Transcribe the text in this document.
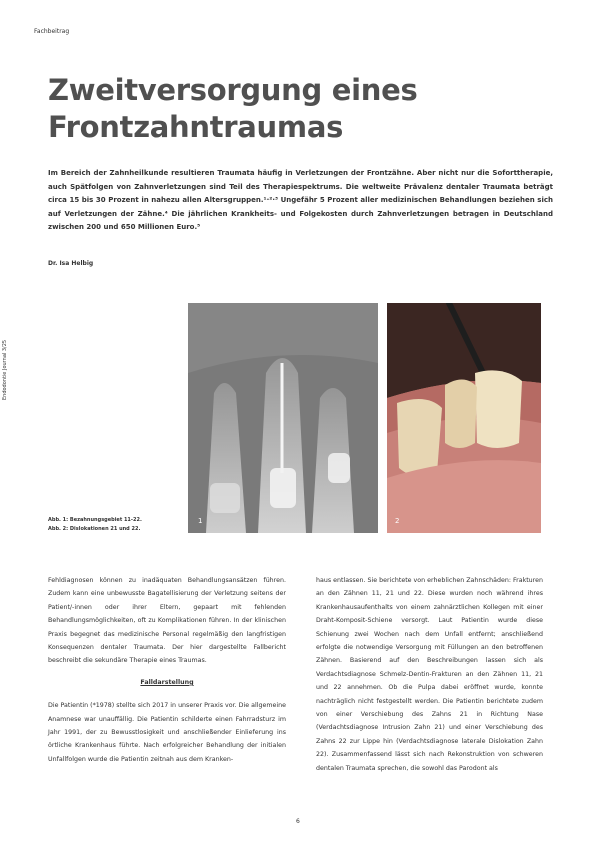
Fachbeitrag
Endodontie Journal 3/25
Zweitversorgung eines
Frontzahntraumas

Im Bereich der Zahnheilkunde resultieren Traumata häufig in Verletzungen der Frontzähne. Aber nicht nur die Soforttherapie, auch Spätfolgen von Zahnverletzungen sind Teil des Therapiespektrums. Die weltweite Prävalenz dentaler Traumata beträgt circa 15 bis 30 Prozent in nahezu allen Altersgruppen.¹·²·³ Ungefähr 5 Prozent aller medizinischen Behandlungen beziehen sich auf Verletzungen der Zähne.⁴ Die jährlichen Krankheits- und Folgekosten durch Zahnverletzungen betragen in Deutschland zwischen 200 und 650 Millionen Euro.⁵

Dr. Isa Helbig
1	2
Abb. 1: Bezahnungsgebiet 11-22.
Abb. 2: Dislokationen 21 und 22.

Fehldiagnosen können zu inadäquaten Behandlungsansätzen führen. Zudem kann eine unbewusste Bagatellisierung der Verletzung seitens der Patient/-innen oder ihrer Eltern, gepaart mit fehlenden Behandlungsmöglichkeiten, oft zu Komplikationen führen. In der klinischen Praxis begegnet das medizinische Personal regelmäßig den langfristigen Konsequenzen dentaler Traumata. Der hier dargestellte Fallbericht beschreibt die sekundäre Therapie eines Traumas.

Falldarstellung

Die Patientin (*1978) stellte sich 2017 in unserer Praxis vor. Die allgemeine Anamnese war unauffällig. Die Patientin schilderte einen Fahrradsturz im Jahr 1991, der zu Bewusstlosigkeit und anschließender Einlieferung ins örtliche Krankenhaus führte. Nach erfolgreicher Behandlung der initialen Unfallfolgen wurde die Patientin zeitnah aus dem Kranken-

haus entlassen. Sie berichtete von erheblichen Zahnschäden: Frakturen an den Zähnen 11, 21 und 22. Diese wurden noch während ihres Krankenhausaufenthalts von einem zahnärztlichen Kollegen mit einer Draht-Komposit-Schiene versorgt. Laut Patientin wurde diese Schienung zwei Wochen nach dem Unfall entfernt; anschließend erfolgte die notwendige Versorgung mit Füllungen an den betroffenen Zähnen. Basierend auf den Beschreibungen lassen sich als Verdachtsdiagnose Schmelz-Dentin-Frakturen an den Zähnen 11, 21 und 22 annehmen. Ob die Pulpa dabei eröffnet wurde, konnte nachträglich nicht festgestellt werden. Die Patientin berichtete zudem von einer Verschiebung des Zahns 21 in Richtung Nase (Verdachtsdiagnose Intrusion Zahn 21) und einer Verschiebung des Zahns 22 zur Lippe hin (Verdachtsdiagnose laterale Dislokation Zahn 22). Zusammenfassend lässt sich nach Rekonstruktion von schweren dentalen Traumata sprechen, die sowohl das Parodont als

6
